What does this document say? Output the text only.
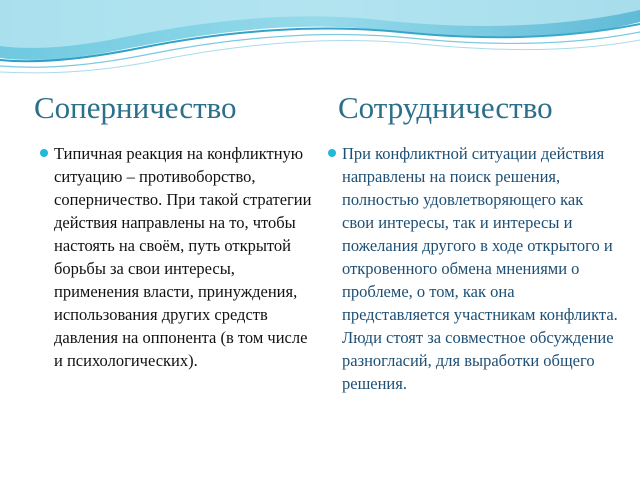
Соперничество	Сотрудничество
Типичная реакция на конфликтную ситуацию – противоборство, соперничество. При такой стратегии действия направлены на то, чтобы настоять на своём, путь открытой борьбы за свои интересы, применения власти, принуждения, использования других средств давления на оппонента (в том числе и психологических).
При конфликтной ситуации действия направлены на поиск решения, полностью удовлетворяющего как свои интересы, так и интересы и пожелания другого в ходе открытого и откровенного обмена мнениями о проблеме, о том, как она представляется участникам конфликта. Люди стоят за совместное обсуждение разногласий, для выработки общего решения.
